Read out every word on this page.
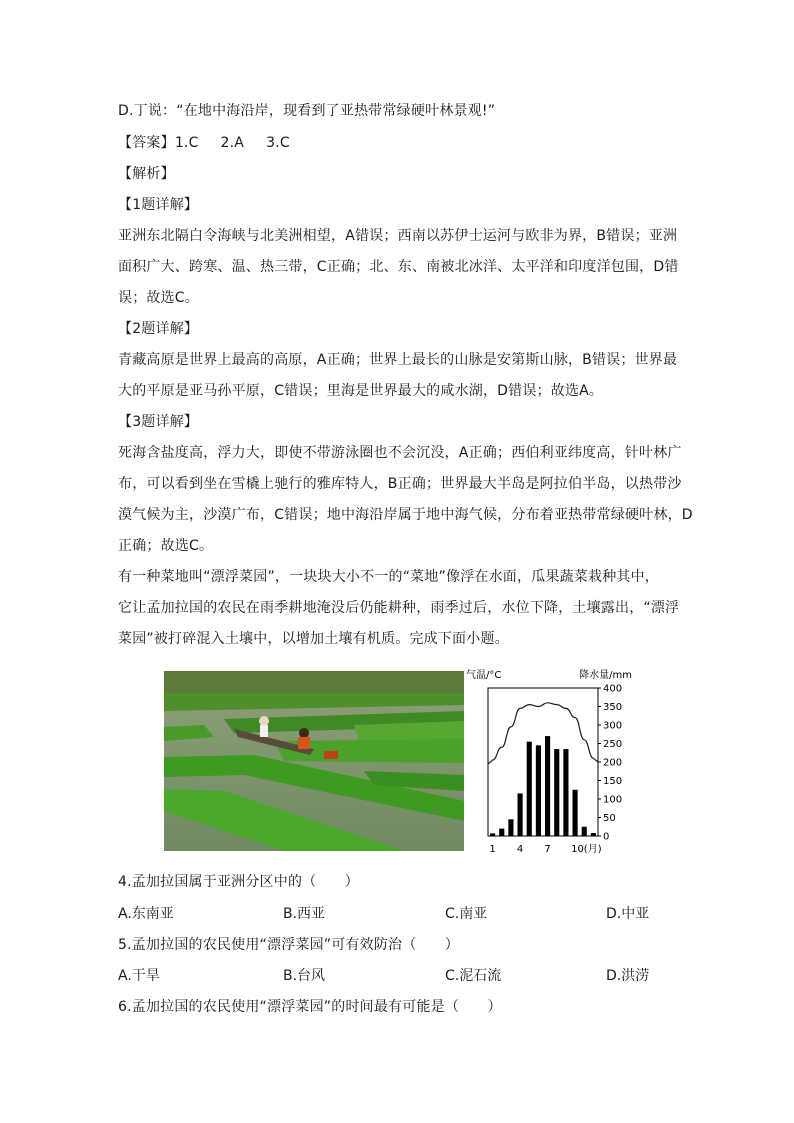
D.丁说：“在地中海沿岸，现看到了亚热带常绿硬叶林景观!”
【答案】1.C 2.A 3.C
【解析】
【1题详解】
亚洲东北隔白令海峡与北美洲相望，A错误；西南以苏伊士运河与欧非为界，B错误；亚洲
面积广大、跨寒、温、热三带，C正确；北、东、南被北冰洋、太平洋和印度洋包围，D错
误；故选C。
【2题详解】
青藏高原是世界上最高的高原，A正确；世界上最长的山脉是安第斯山脉，B错误；世界最
大的平原是亚马孙平原，C错误；里海是世界最大的咸水湖，D错误；故选A。
【3题详解】
死海含盐度高，浮力大，即使不带游泳圈也不会沉没，A正确；西伯利亚纬度高，针叶林广
布，可以看到坐在雪橇上驰行的雅库特人，B正确；世界最大半岛是阿拉伯半岛，以热带沙
漠气候为主，沙漠广布，C错误；地中海沿岸属于地中海气候，分布着亚热带常绿硬叶林，D
正确；故选C。
有一种菜地叫“漂浮菜园”，一块块大小不一的“菜地”像浮在水面，瓜果蔬菜栽种其中，
它让孟加拉国的农民在雨季耕地淹没后仍能耕种，雨季过后，水位下降，土壤露出，“漂浮
菜园”被打碎混入土壤中，以增加土壤有机质。完成下面小题。
气温/°C	降水量/mm
400
350
300
250
200
150
100
50
0
1 4 7 10(月)
4.孟加拉国属于亚洲分区中的（　　）
A.东南亚	B.西亚	C.南亚	D.中亚
5.孟加拉国的农民使用“漂浮菜园”可有效防治（　　）
A.干旱	B.台风	C.泥石流	D.洪涝
6.孟加拉国的农民使用“漂浮菜园”的时间最有可能是（　　）
